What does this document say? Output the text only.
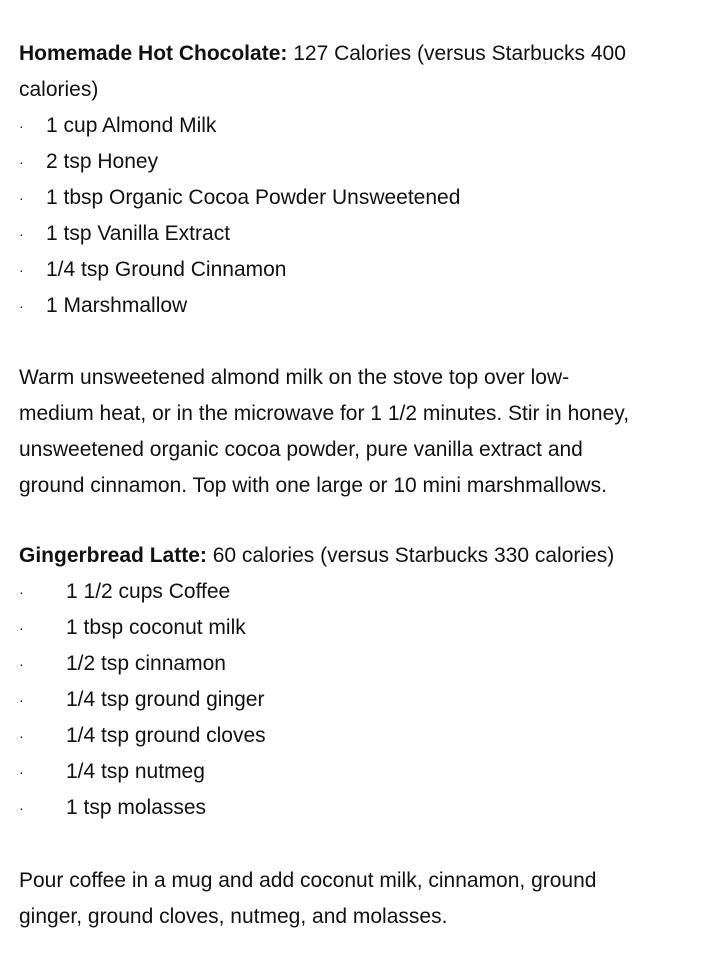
Homemade Hot Chocolate: 127 Calories (versus Starbucks 400
calories)
· 1 cup Almond Milk
· 2 tsp Honey
· 1 tbsp Organic Cocoa Powder Unsweetened
· 1 tsp Vanilla Extract
· 1/4 tsp Ground Cinnamon
· 1 Marshmallow
Warm unsweetened almond milk on the stove top over low-
medium heat, or in the microwave for 1 1/2 minutes. Stir in honey,
unsweetened organic cocoa powder, pure vanilla extract and
ground cinnamon. Top with one large or 10 mini marshmallows.
Gingerbread Latte: 60 calories (versus Starbucks 330 calories)
· 1 1/2 cups Coffee
· 1 tbsp coconut milk
· 1/2 tsp cinnamon
· 1/4 tsp ground ginger
· 1/4 tsp ground cloves
· 1/4 tsp nutmeg
· 1 tsp molasses
Pour coffee in a mug and add coconut milk, cinnamon, ground
ginger, ground cloves, nutmeg, and molasses.
